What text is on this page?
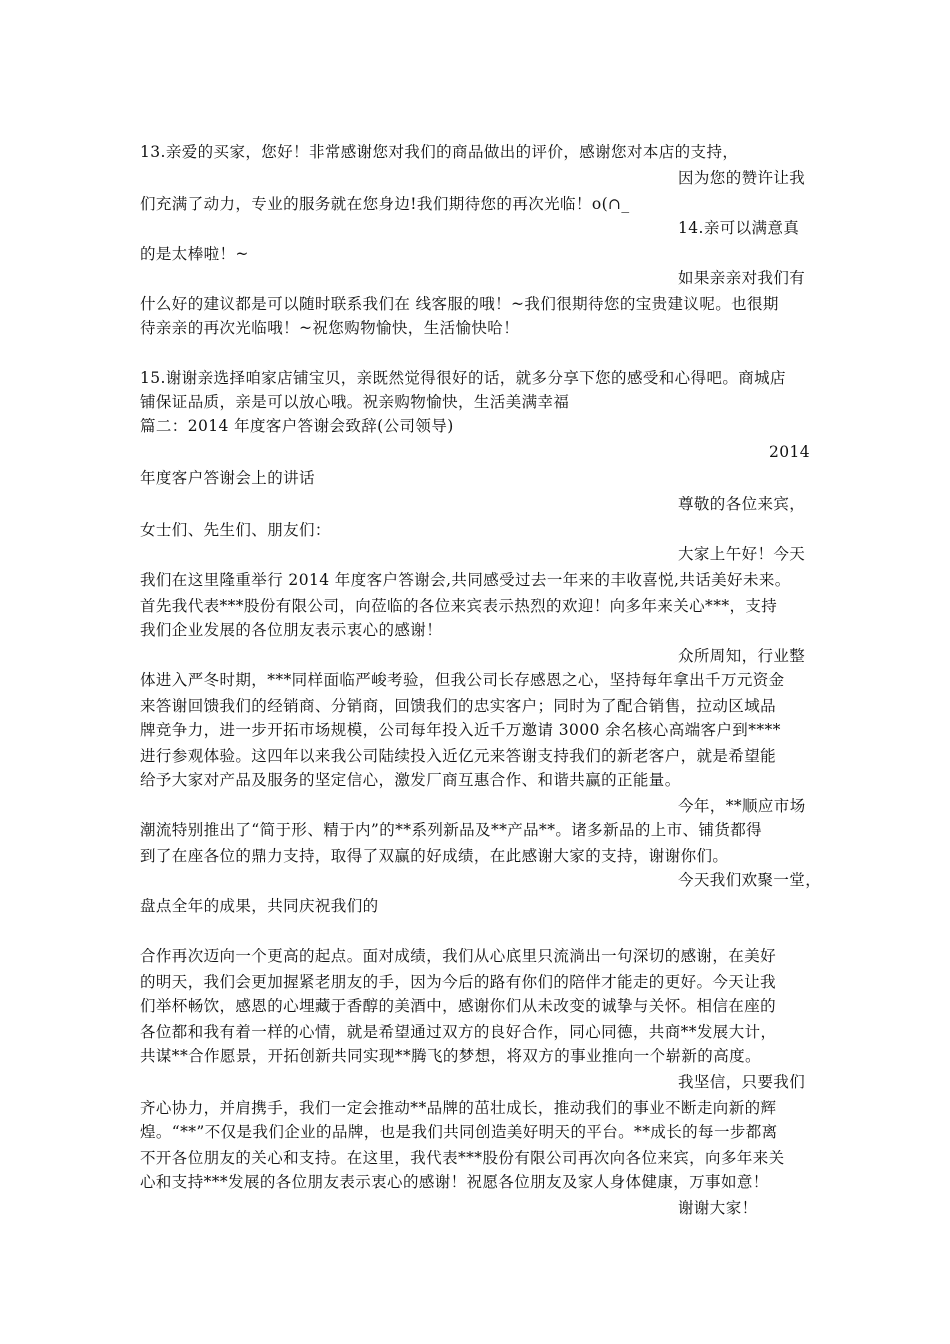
13.亲爱的买家，您好！非常感谢您对我们的商品做出的评价，感谢您对本店的支持，
因为您的赞许让我
们充满了动力，专业的服务就在您身边!我们期待您的再次光临！o(∩_
14.亲可以满意真
的是太棒啦！~
如果亲亲对我们有
什么好的建议都是可以随时联系我们在 线客服的哦！~我们很期待您的宝贵建议呢。也很期
待亲亲的再次光临哦！~祝您购物愉快，生活愉快哈！
15.谢谢亲选择咱家店铺宝贝，亲既然觉得很好的话，就多分享下您的感受和心得吧。商城店
铺保证品质，亲是可以放心哦。祝亲购物愉快，生活美满幸福
篇二：2014 年度客户答谢会致辞(公司领导)
2014
年度客户答谢会上的讲话
尊敬的各位来宾，
女士们、先生们、朋友们：
大家上午好！今天
我们在这里隆重举行 2014 年度客户答谢会,共同感受过去一年来的丰收喜悦,共话美好未来。
首先我代表***股份有限公司，向莅临的各位来宾表示热烈的欢迎！向多年来关心***，支持
我们企业发展的各位朋友表示衷心的感谢！
众所周知，行业整
体进入严冬时期，***同样面临严峻考验，但我公司长存感恩之心，坚持每年拿出千万元资金
来答谢回馈我们的经销商、分销商，回馈我们的忠实客户；同时为了配合销售，拉动区域品
牌竞争力，进一步开拓市场规模，公司每年投入近千万邀请 3000 余名核心高端客户到****
进行参观体验。这四年以来我公司陆续投入近亿元来答谢支持我们的新老客户，就是希望能
给予大家对产品及服务的坚定信心，激发厂商互惠合作、和谐共赢的正能量。
今年，**顺应市场
潮流特别推出了“简于形、精于内”的**系列新品及**产品**。诸多新品的上市、铺货都得
到了在座各位的鼎力支持，取得了双赢的好成绩，在此感谢大家的支持，谢谢你们。
今天我们欢聚一堂，
盘点全年的成果，共同庆祝我们的
合作再次迈向一个更高的起点。面对成绩，我们从心底里只流淌出一句深切的感谢，在美好
的明天，我们会更加握紧老朋友的手，因为今后的路有你们的陪伴才能走的更好。今天让我
们举杯畅饮，感恩的心埋藏于香醇的美酒中，感谢你们从未改变的诚挚与关怀。相信在座的
各位都和我有着一样的心情，就是希望通过双方的良好合作，同心同德，共商**发展大计，
共谋**合作愿景，开拓创新共同实现**腾飞的梦想，将双方的事业推向一个崭新的高度。
我坚信，只要我们
齐心协力，并肩携手，我们一定会推动**品牌的茁壮成长，推动我们的事业不断走向新的辉
煌。“**”不仅是我们企业的品牌，也是我们共同创造美好明天的平台。**成长的每一步都离
不开各位朋友的关心和支持。在这里，我代表***股份有限公司再次向各位来宾，向多年来关
心和支持***发展的各位朋友表示衷心的感谢！祝愿各位朋友及家人身体健康，万事如意！
谢谢大家！
